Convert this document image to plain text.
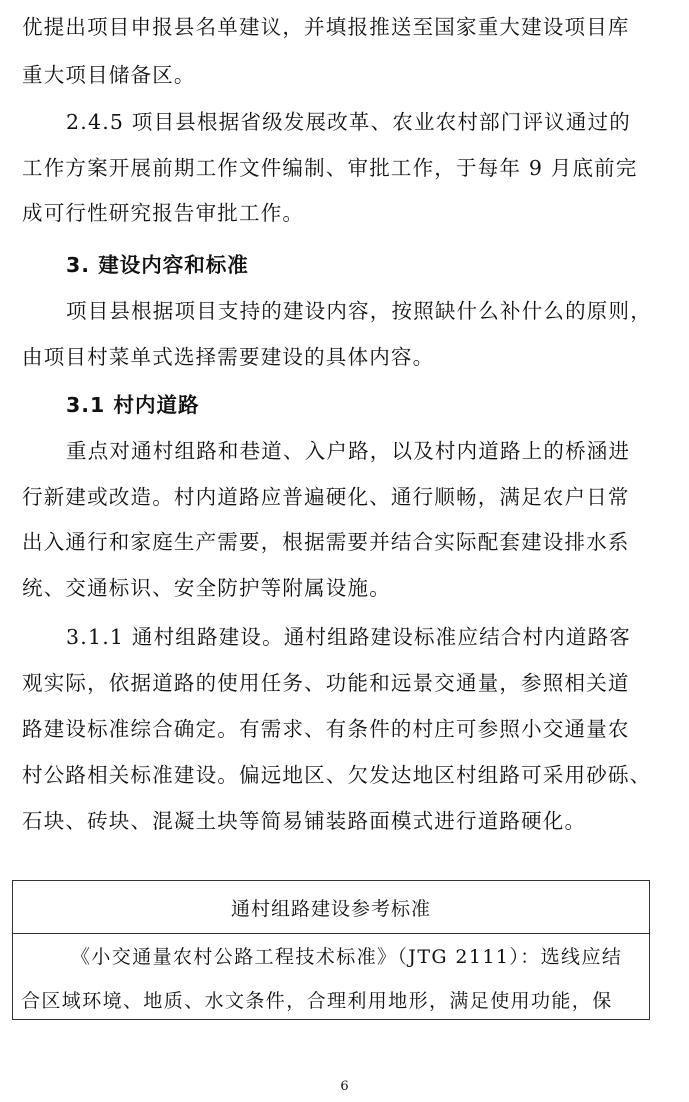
优提出项目申报县名单建议，并填报推送至国家重大建设项目库
重大项目储备区。
2.4.5 项目县根据省级发展改革、农业农村部门评议通过的
工作方案开展前期工作文件编制、审批工作，于每年 9 月底前完
成可行性研究报告审批工作。
3. 建设内容和标准
项目县根据项目支持的建设内容，按照缺什么补什么的原则，
由项目村菜单式选择需要建设的具体内容。
3.1 村内道路
重点对通村组路和巷道、入户路，以及村内道路上的桥涵进
行新建或改造。村内道路应普遍硬化、通行顺畅，满足农户日常
出入通行和家庭生产需要，根据需要并结合实际配套建设排水系
统、交通标识、安全防护等附属设施。
3.1.1 通村组路建设。通村组路建设标准应结合村内道路客
观实际，依据道路的使用任务、功能和远景交通量，参照相关道
路建设标准综合确定。有需求、有条件的村庄可参照小交通量农
村公路相关标准建设。偏远地区、欠发达地区村组路可采用砂砾、
石块、砖块、混凝土块等简易铺装路面模式进行道路硬化。
通村组路建设参考标准
《小交通量农村公路工程技术标准》（JTG 2111）：选线应结
合区域环境、地质、水文条件，合理利用地形，满足使用功能，保
6
